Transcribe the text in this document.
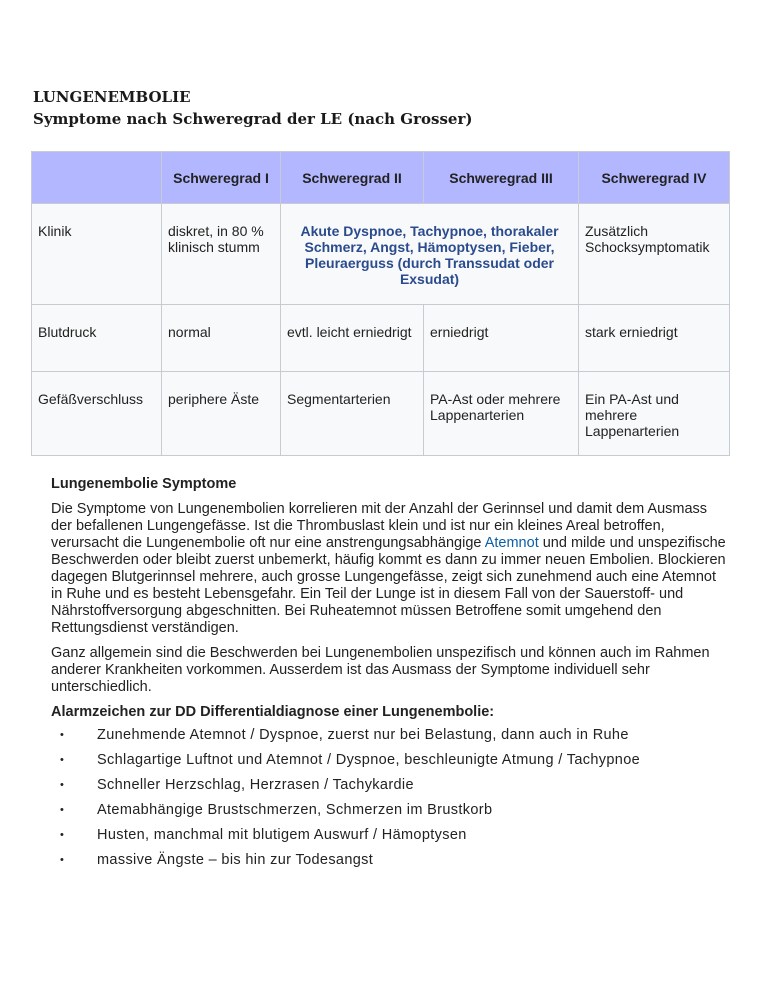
LUNGENEMBOLIE
Symptome nach Schweregrad der LE (nach Grosser)
	Schweregrad I	Schweregrad II	Schweregrad III	Schweregrad IV

Klinik	diskret, in 80 % klinisch stumm	Akute Dyspnoe, Tachypnoe, thorakaler Schmerz, Angst, Hämoptysen, Fieber, Pleuraerguss (durch Transsudat oder Exsudat)		Zusätzlich Schocksymptomatik

Blutdruck	normal	evtl. leicht erniedrigt	erniedrigt	stark erniedrigt

Gefäßverschluss	periphere Äste	Segmentarterien	PA-Ast oder mehrere Lappenarterien	Ein PA-Ast und mehrere Lappenarterien
Lungenembolie Symptome

Die Symptome von Lungenembolien korrelieren mit der Anzahl der Gerinnsel und damit dem Ausmass der befallenen Lungengefässe. Ist die Thrombuslast klein und ist nur ein kleines Areal betroffen, verursacht die Lungenembolie oft nur eine anstrengungsabhängige Atemnot und milde und unspezifische Beschwerden oder bleibt zuerst unbemerkt, häufig kommt es dann zu immer neuen Embolien. Blockieren dagegen Blutgerinnsel mehrere, auch grosse Lungengefässe, zeigt sich zunehmend auch eine Atemnot in Ruhe und es besteht Lebensgefahr. Ein Teil der Lunge ist in diesem Fall von der Sauerstoff- und Nährstoffversorgung abgeschnitten. Bei Ruheatemnot müssen Betroffene somit umgehend den Rettungsdienst verständigen.

Ganz allgemein sind die Beschwerden bei Lungenembolien unspezifisch und können auch im Rahmen anderer Krankheiten vorkommen. Ausserdem ist das Ausmass der Symptome individuell sehr unterschiedlich.

Alarmzeichen zur DD Differentialdiagnose einer Lungenembolie:
• Zunehmende Atemnot / Dyspnoe, zuerst nur bei Belastung, dann auch in Ruhe
• Schlagartige Luftnot und Atemnot / Dyspnoe, beschleunigte Atmung / Tachypnoe
• Schneller Herzschlag, Herzrasen / Tachykardie
• Atemabhängige Brustschmerzen, Schmerzen im Brustkorb
• Husten, manchmal mit blutigem Auswurf / Hämoptysen
• massive Ängste – bis hin zur Todesangst
